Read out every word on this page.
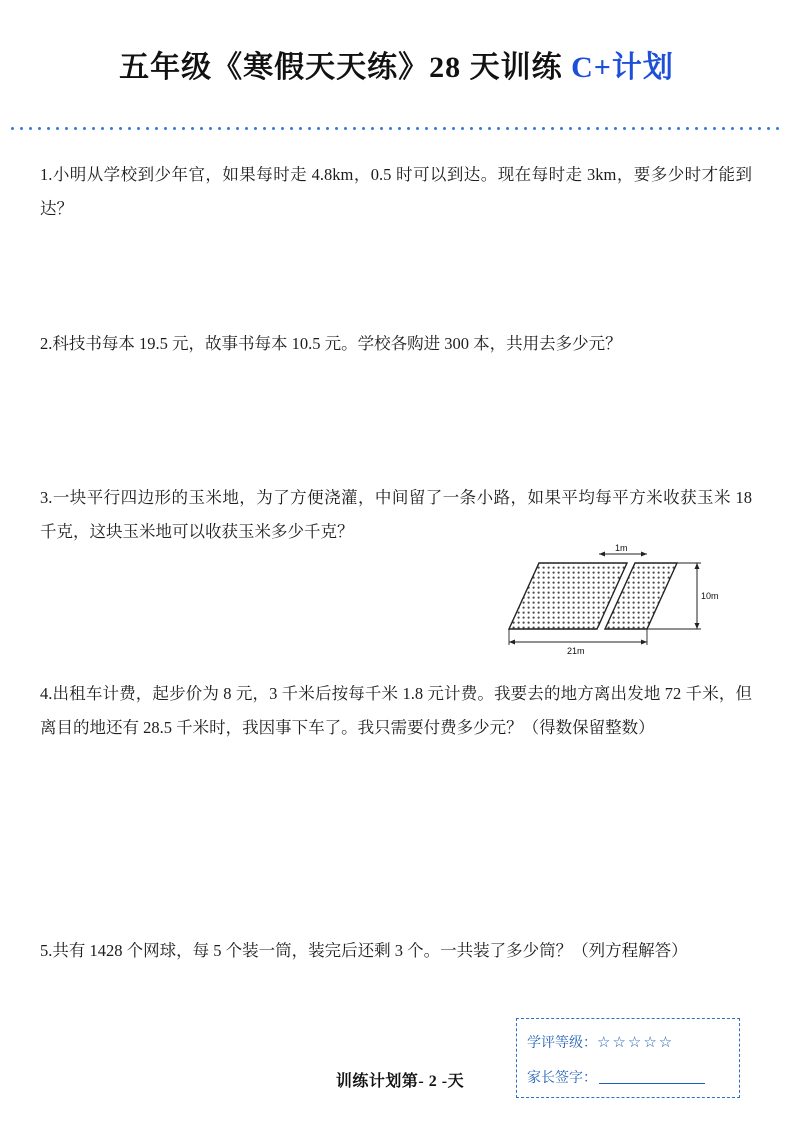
五年级《寒假天天练》28 天训练 C+计划
1.小明从学校到少年官，如果每时走 4.8km，0.5 时可以到达。现在每时走 3km，要多少时才能到达？
2.科技书每本 19.5 元，故事书每本 10.5 元。学校各购进 300 本，共用去多少元？
3.一块平行四边形的玉米地，为了方便浇灌，中间留了一条小路，如果平均每平方米收获玉米 18 千克，这块玉米地可以收获玉米多少千克？
1m
10m
21m
4.出租车计费，起步价为 8 元，3 千米后按每千米 1.8 元计费。我要去的地方离出发地 72 千米，但离目的地还有 28.5 千米时，我因事下车了。我只需要付费多少元？（得数保留整数）
5.共有 1428 个网球，每 5 个装一筒，装完后还剩 3 个。一共装了多少筒？（列方程解答）
训练计划第- 2 -天
学评等级：☆☆☆☆☆
家长签字：
